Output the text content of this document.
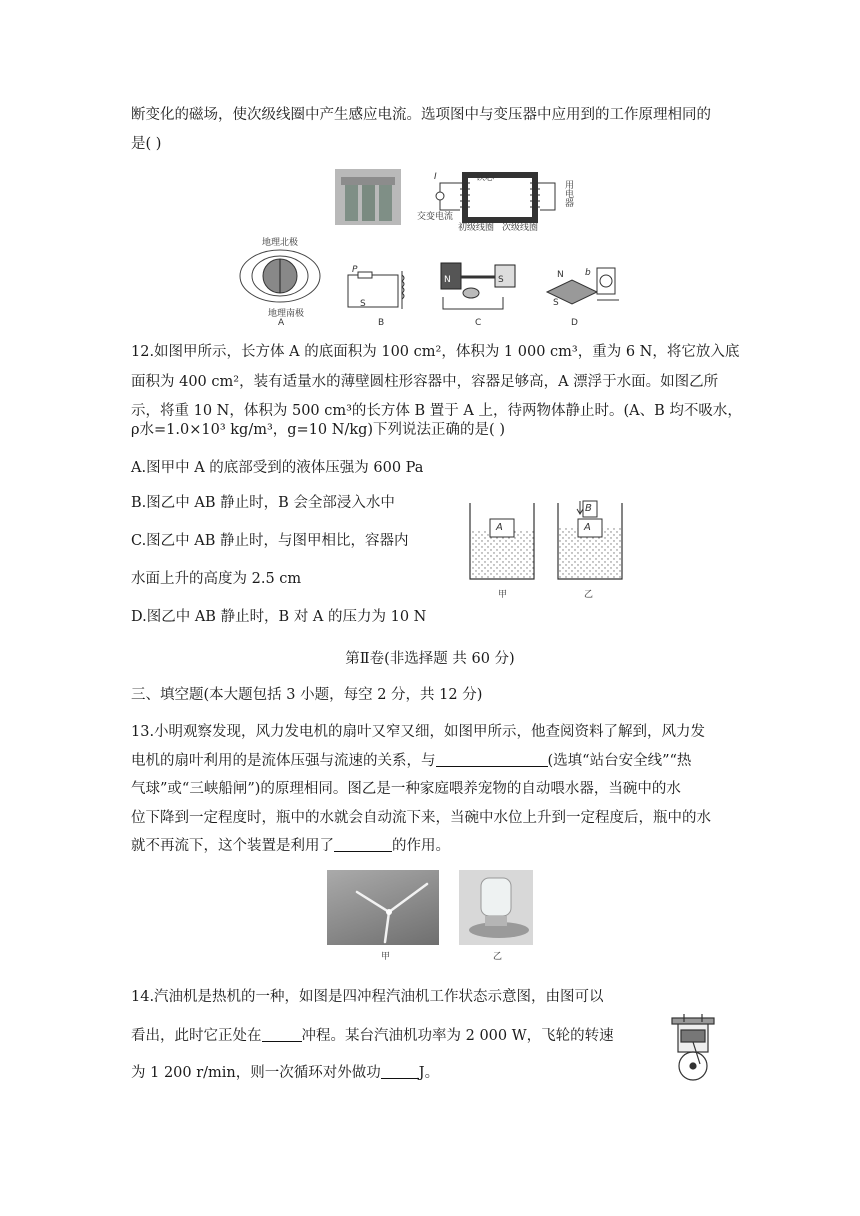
断变化的磁场，使次级线圈中产生感应电流。选项图中与变压器中应用到的工作原理相同的
是( )
铁芯
I
交变电流
初级线圈 次级线圈
用电器
地理北极
地理南极
A
P
S
B
N	S
C
N b
S
D
12.如图甲所示，长方体 A 的底面积为 100 cm²，体积为 1 000 cm³，重为 6 N，将它放入底
面积为 400 cm²，装有适量水的薄壁圆柱形容器中，容器足够高，A 漂浮于水面。如图乙所
示，将重 10 N，体积为 500 cm³的长方体 B 置于 A 上，待两物体静止时。(A、B 均不吸水，
ρ水=1.0×10³ kg/m³，g=10 N/kg)下列说法正确的是( )
A.图甲中 A 的底部受到的液体压强为 600 Pa
B.图乙中 AB 静止时，B 会全部浸入水中
C.图乙中 AB 静止时，与图甲相比，容器内
水面上升的高度为 2.5 cm
D.图乙中 AB 静止时，B 对 A 的压力为 10 N
A	A
B
甲	乙
第Ⅱ卷(非选择题 共 60 分)
三、填空题(本大题包括 3 小题，每空 2 分，共 12 分)
13.小明观察发现，风力发电机的扇叶又窄又细，如图甲所示，他查阅资料了解到，风力发
电机的扇叶利用的是流体压强与流速的关系，与	(选填“站台安全线”“热
气球”或“三峡船闸”)的原理相同。图乙是一种家庭喂养宠物的自动喂水器，当碗中的水
位下降到一定程度时，瓶中的水就会自动流下来，当碗中水位上升到一定程度后，瓶中的水
就不再流下，这个装置是利用了	的作用。
甲	乙
14.汽油机是热机的一种，如图是四冲程汽油机工作状态示意图，由图可以
看出，此时它正处在	冲程。某台汽油机功率为 2 000 W，飞轮的转速
为 1 200 r/min，则一次循环对外做功	J。
